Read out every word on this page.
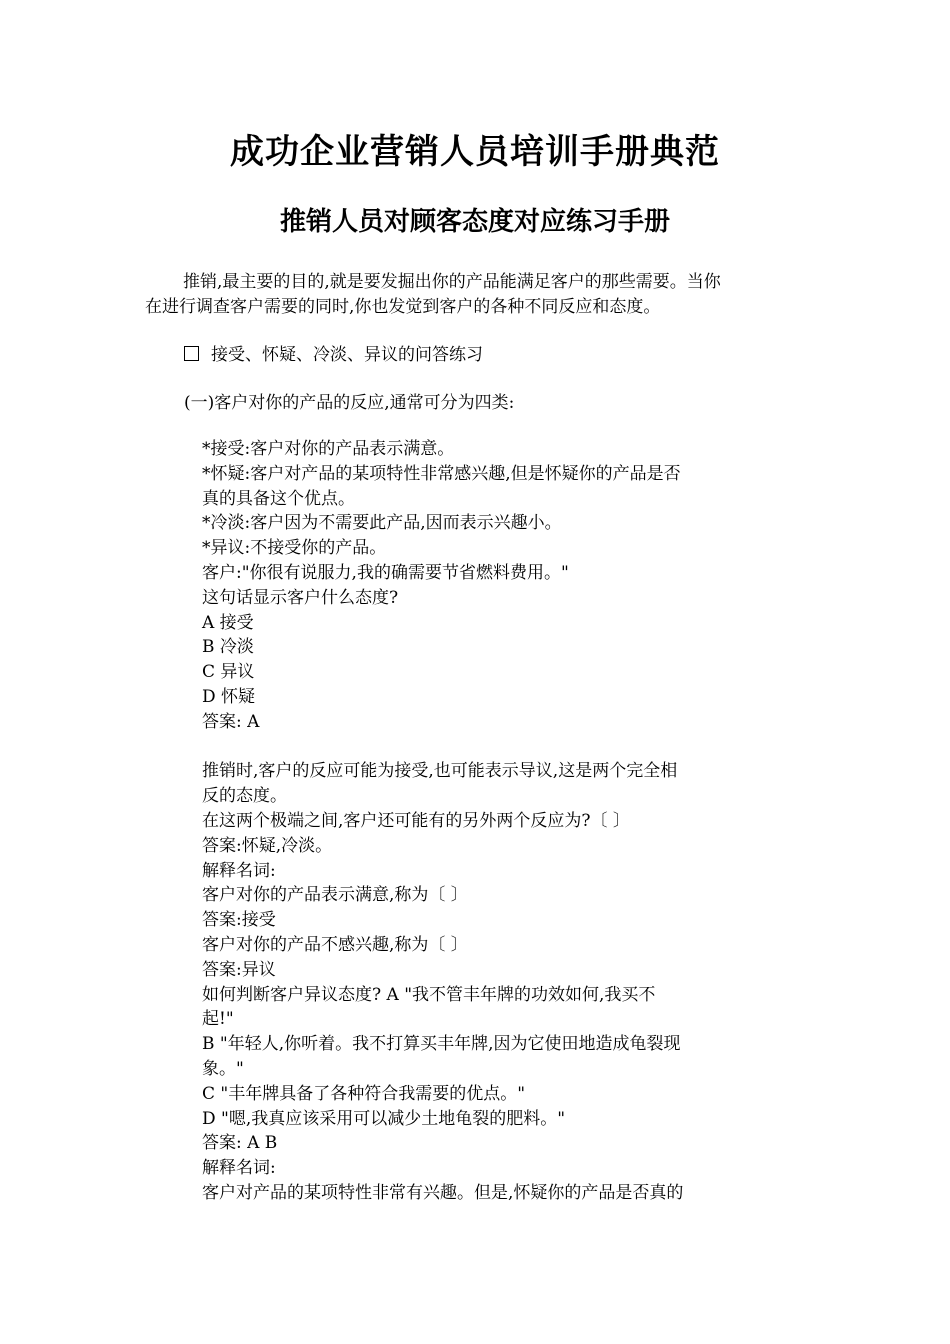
成功企业营销人员培训手册典范
推销人员对顾客态度对应练习手册
推销,最主要的目的,就是要发掘出你的产品能满足客户的那些需要。当你
在进行调查客户需要的同时,你也发觉到客户的各种不同反应和态度。
接受、怀疑、冷淡、异议的问答练习
(一)客户对你的产品的反应,通常可分为四类:
*接受:客户对你的产品表示满意。
*怀疑:客户对产品的某项特性非常感兴趣,但是怀疑你的产品是否
真的具备这个优点。
*冷淡:客户因为不需要此产品,因而表示兴趣小。
*异议:不接受你的产品。
客户:"你很有说服力,我的确需要节省燃料费用。"
这句话显示客户什么态度?
A 接受
B 冷淡
C 异议
D 怀疑
答案: A
推销时,客户的反应可能为接受,也可能表示导议,这是两个完全相
反的态度。
在这两个极端之间,客户还可能有的另外两个反应为?〔 〕
答案:怀疑,冷淡。
解释名词:
客户对你的产品表示满意,称为〔 〕
答案:接受
客户对你的产品不感兴趣,称为〔 〕
答案:异议
如何判断客户异议态度? A "我不管丰年牌的功效如何,我买不
起!"
B "年轻人,你听着。我不打算买丰年牌,因为它使田地造成龟裂现
象。"
C "丰年牌具备了各种符合我需要的优点。"
D "嗯,我真应该采用可以减少土地龟裂的肥料。"
答案: A B
解释名词:
客户对产品的某项特性非常有兴趣。但是,怀疑你的产品是否真的
